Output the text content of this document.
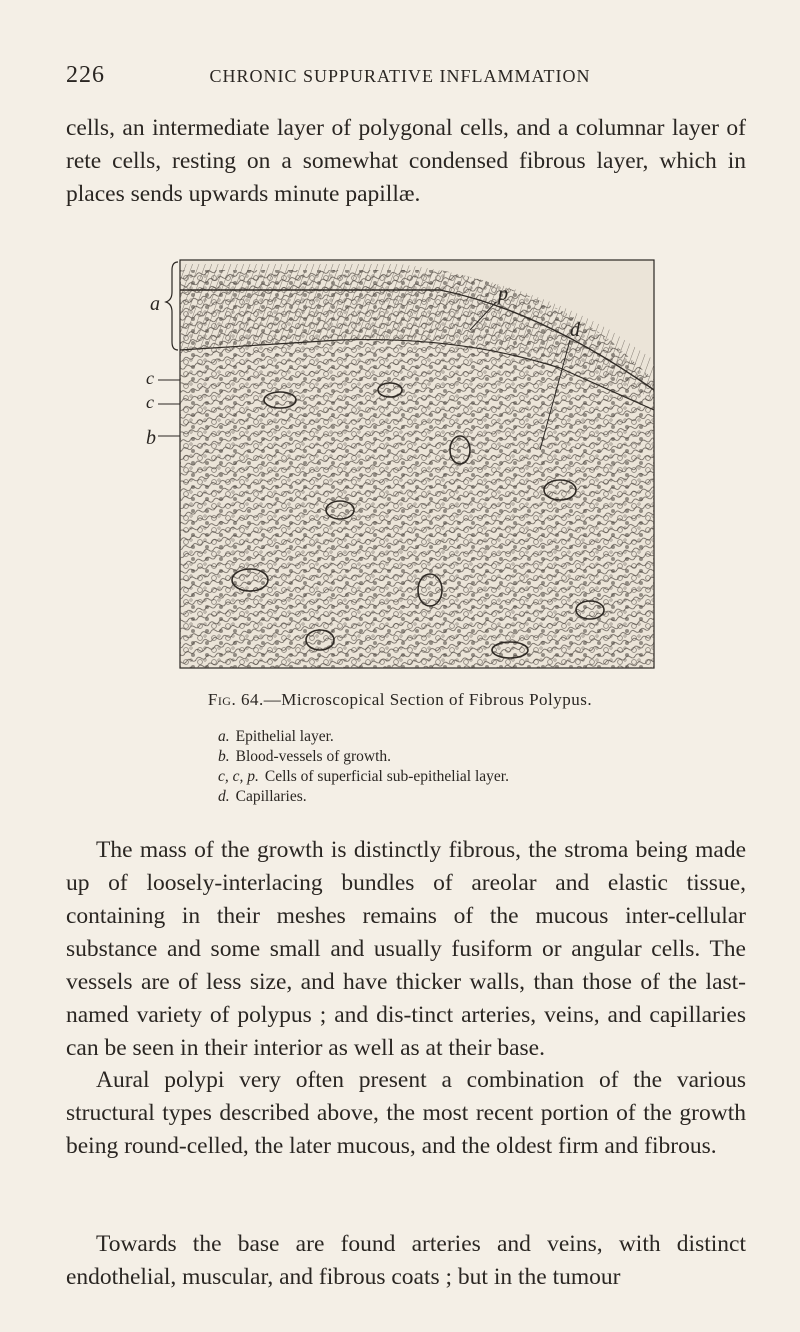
226	CHRONIC SUPPURATIVE INFLAMMATION

cells, an intermediate layer of polygonal cells, and a columnar layer of rete cells, resting on a somewhat condensed fibrous layer, which in places sends upwards minute papillæ.

a
c
c
b
p
d
Fig. 64.—Microscopical Section of Fibrous Polypus.
a. Epithelial layer.
b. Blood-vessels of growth.
c, c, p. Cells of superficial sub-epithelial layer.
d. Capillaries.

The mass of the growth is distinctly fibrous, the stroma being made up of loosely-interlacing bundles of areolar and elastic tissue, containing in their meshes remains of the mucous inter-cellular substance and some small and usually fusiform or angular cells. The vessels are of less size, and have thicker walls, than those of the last-named variety of polypus ; and dis-tinct arteries, veins, and capillaries can be seen in their interior as well as at their base.

Aural polypi very often present a combination of the various structural types described above, the most recent portion of the growth being round-celled, the later mucous, and the oldest firm and fibrous.

Towards the base are found arteries and veins, with distinct endothelial, muscular, and fibrous coats ; but in the tumour
